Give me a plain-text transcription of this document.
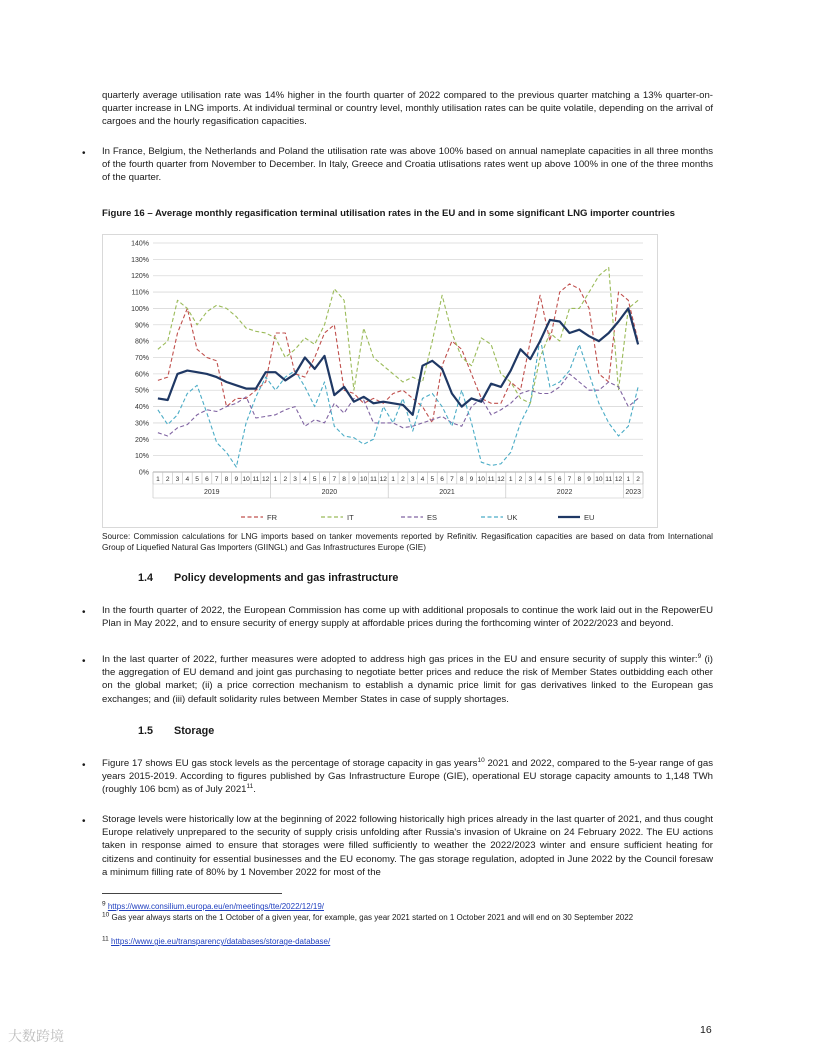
quarterly average utilisation rate was 14% higher in the fourth quarter of 2022 compared to the previous quarter matching a 13% quarter-on-quarter increase in LNG imports. At individual terminal or country level, monthly utilisation rates can be quite volatile, depending on the arrival of cargoes and the hourly regasification capacities.
• In France, Belgium, the Netherlands and Poland the utilisation rate was above 100% based on annual nameplate capacities in all three months of the fourth quarter from November to December. In Italy, Greece and Croatia utlisations rates went up above 100% in one of the three months of the quarter.
Figure 16 – Average monthly regasification terminal utilisation rates in the EU and in some significant LNG importer countries
0%
10%
20%
30%
40%
50%
60%
70%
80%
90%
100%
110%
120%
130%
140%
1 2 3 4 5 6 7 8 9 10 11 12 1 2 3 4 5 6 7 8 9 10 11 12 1 2 3 4 5 6 7 8 9 10 11 12 1 2 3 4 5 6 7 8 9 10 11 12 1 2
2019	2020	2021	2022	2023
FR	IT	ES	UK	EU
Source: Commission calculations for LNG imports based on tanker movements reported by Refinitiv. Regasification capacities are based on data from International Group of Liquefied Natural Gas Importers (GIINGL) and Gas Infrastructures Europe (GIE)
1.4 Policy developments and gas infrastructure
• In the fourth quarter of 2022, the European Commission has come up with additional proposals to continue the work laid out in the RepowerEU Plan in May 2022, and to ensure security of energy supply at affordable prices during the forthcoming winter of 2022/2023 and beyond.
• In the last quarter of 2022, further measures were adopted to address high gas prices in the EU and ensure security of supply this winter:$^9$ (i) the aggregation of EU demand and joint gas purchasing to negotiate better prices and reduce the risk of Member States outbidding each other on the global market; (ii) a price correction mechanism to establish a dynamic price limit for gas derivatives linked to the European gas exchanges; and (iii) default solidarity rules between Member States in case of supply shortages.
1.5 Storage
• Figure 17 shows EU gas stock levels as the percentage of storage capacity in gas years$^{10}$ 2021 and 2022, compared to the 5-year range of gas years 2015-2019. According to figures published by Gas Infrastructure Europe (GIE), operational EU storage capacity amounts to 1,148 TWh (roughly 106 bcm) as of July 2021$^{11}$.
• Storage levels were historically low at the beginning of 2022 following historically high prices already in the last quarter of 2021, and thus cought Europe relatively unprepared to the security of supply crisis unfolding after Russia's invasion of Ukraine on 24 February 2022. The EU actions taken in response aimed to ensure that storages were filled sufficiently to weather the 2022/2023 winter and ensure sufficient heating for citizens and continuity for essential businesses and the EU economy. The gas storage regulation, adopted in June 2022 by the Council foresaw a minimum filling rate of 80% by 1 November 2022 for most of the
$^9$ https://www.consilium.europa.eu/en/meetings/tte/2022/12/19/
$^{10}$ Gas year always starts on the 1 October of a given year, for example, gas year 2021 started on 1 October 2021 and will end on 30 September 2022
$^{11}$ https://www.gie.eu/transparency/databases/storage-database/
16
大数跨境
